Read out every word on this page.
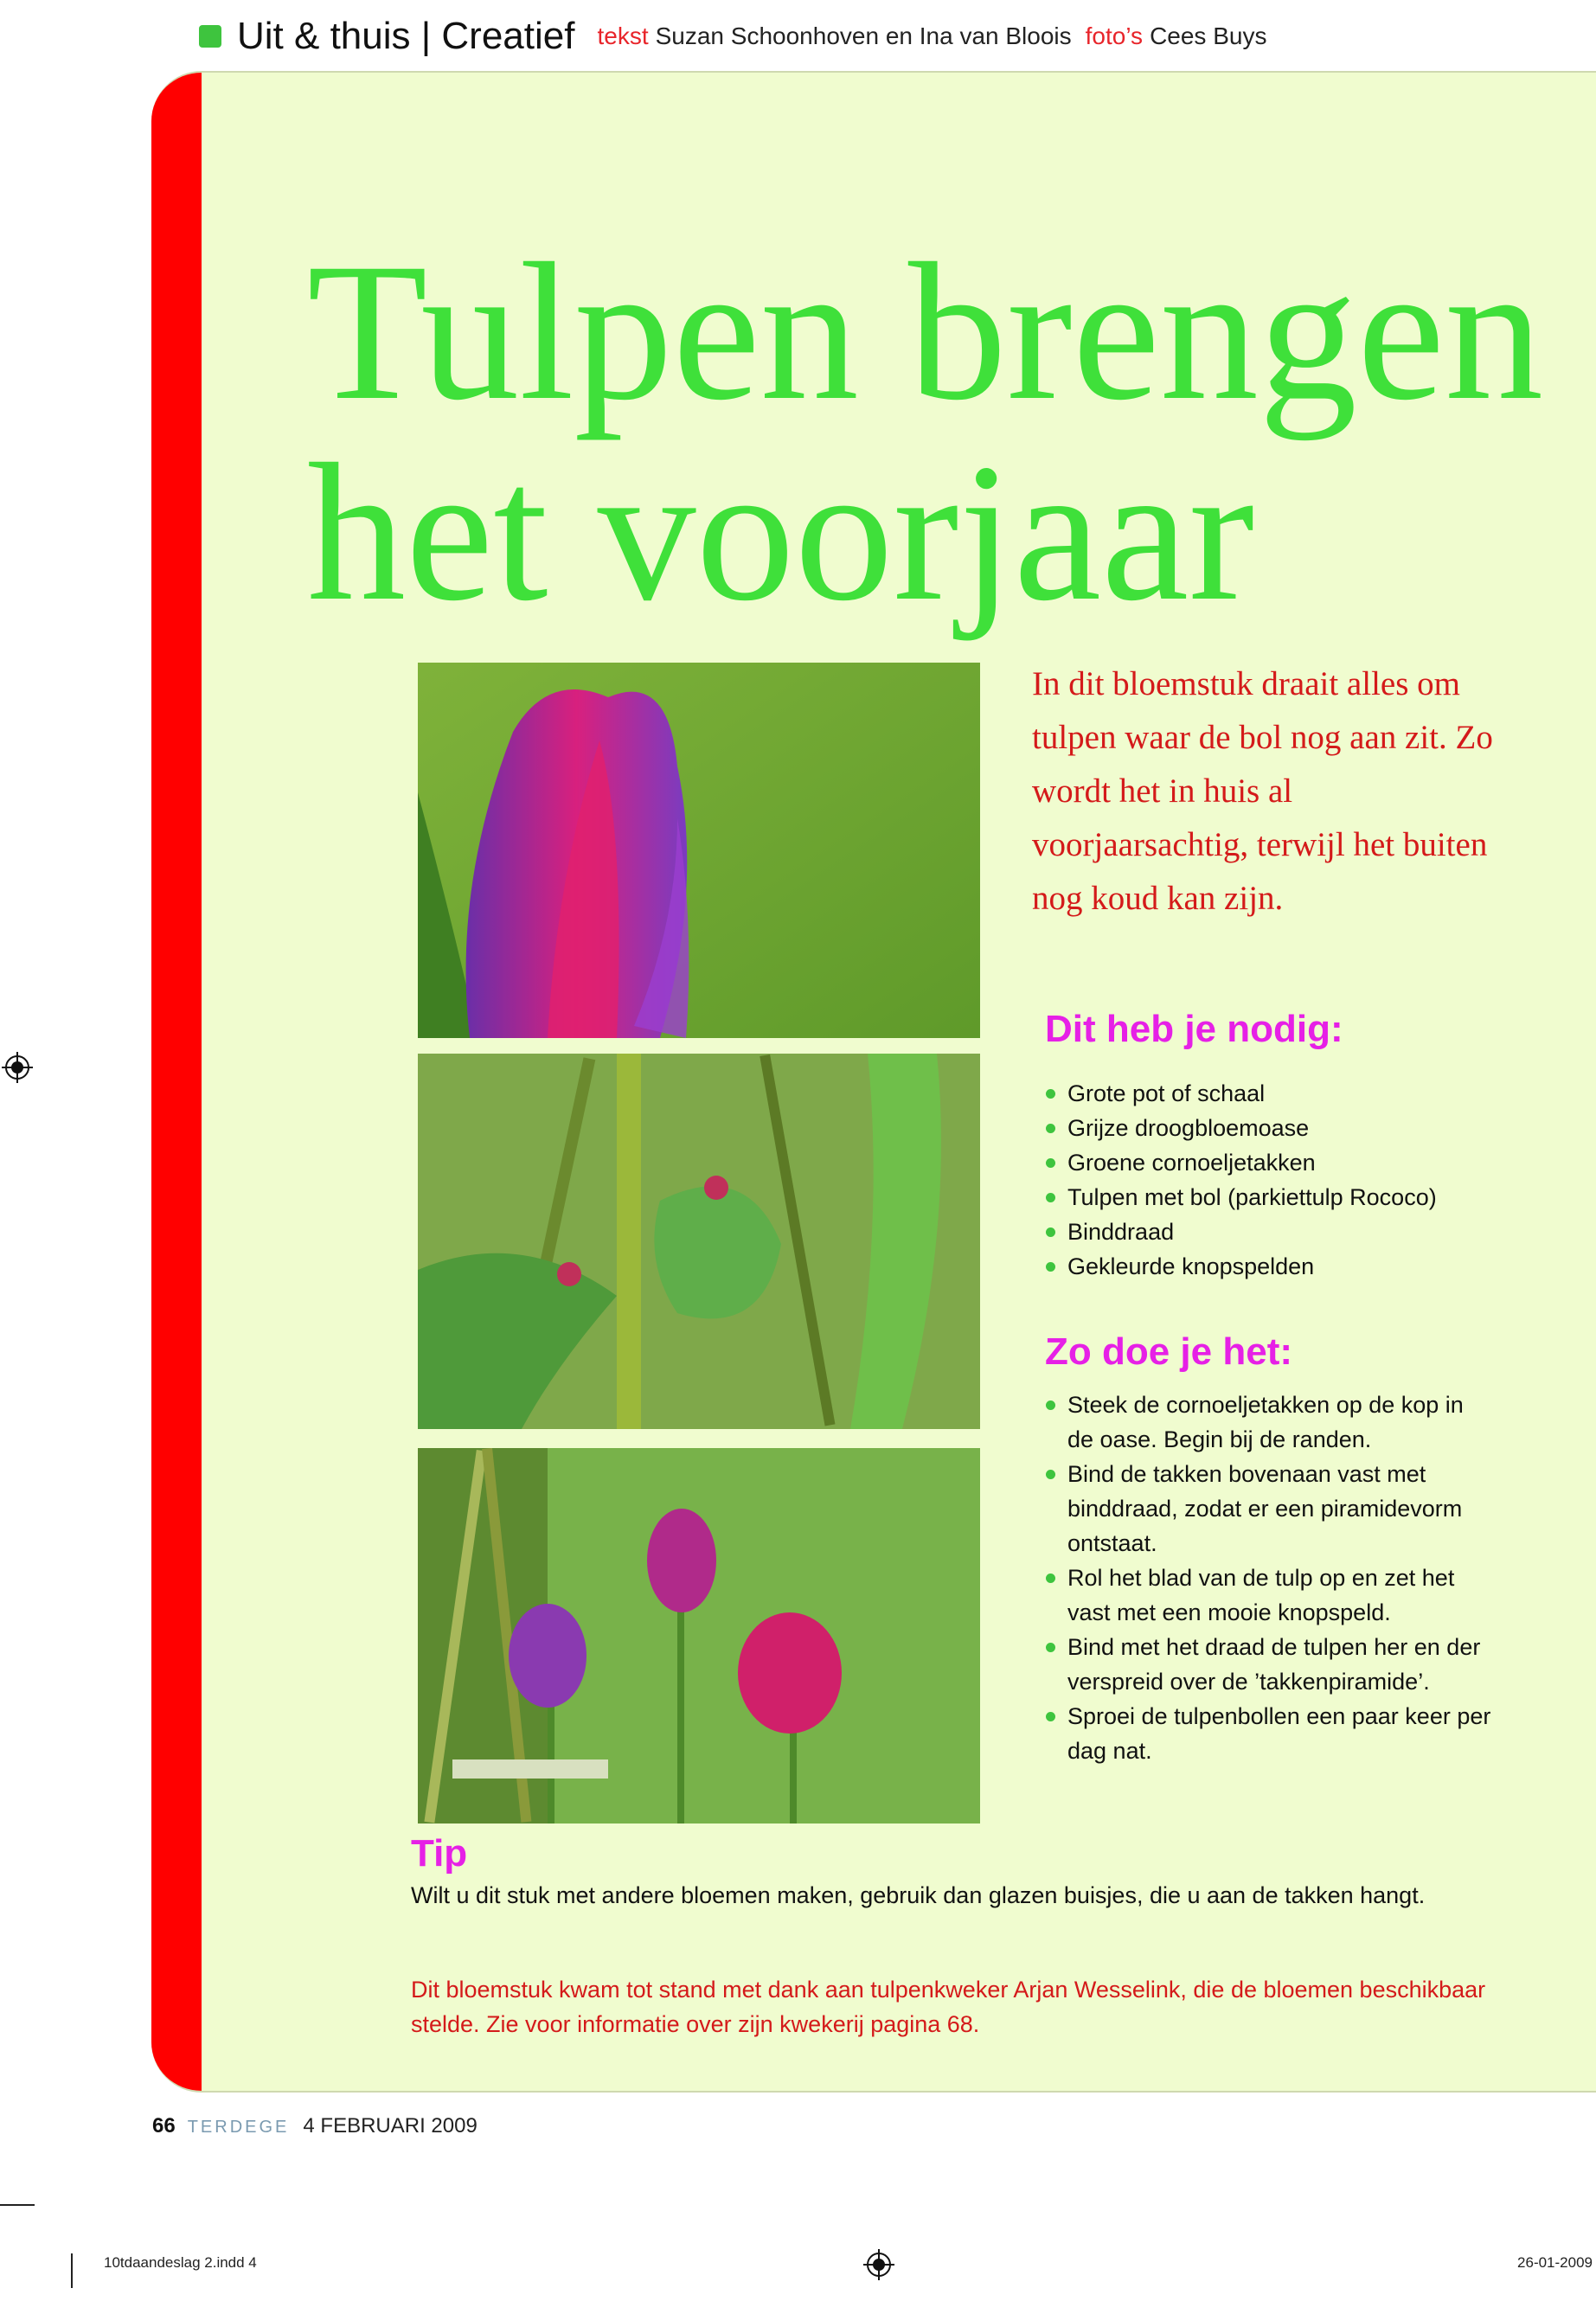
Uit & thuis | Creatief tekst Suzan Schoonhoven en Ina van Bloois foto’s Cees Buys
Tulpen brengen
het voorjaar

In dit bloemstuk draait alles om tulpen waar de bol nog aan zit. Zo wordt het in huis al voorjaarsachtig, terwijl het buiten nog koud kan zijn.

Dit heb je nodig:
Grote pot of schaal
Grijze droogbloemoase
Groene cornoeljetakken
Tulpen met bol (parkiettulp Rococo)
Binddraad
Gekleurde knopspelden
Zo doe je het:
Steek de cornoeljetakken op de kop in de oase. Begin bij de randen.
Bind de takken bovenaan vast met binddraad, zodat er een piramidevorm ontstaat.
Rol het blad van de tulp op en zet het vast met een mooie knopspeld.
Bind met het draad de tulpen her en der verspreid over de ’takkenpiramide’.
Sproei de tulpenbollen een paar keer per dag nat.
Tip

Wilt u dit stuk met andere bloemen maken, gebruik dan glazen buisjes, die u aan de takken hangt.

Dit bloemstuk kwam tot stand met dank aan tulpenkweker Arjan Wesselink, die de bloemen beschikbaar stelde. Zie voor informatie over zijn kwekerij pagina 68.

66 TERDEGE 4 FEBRUARI 2009
10tdaandeslag 2.indd 4	26-01-2009
